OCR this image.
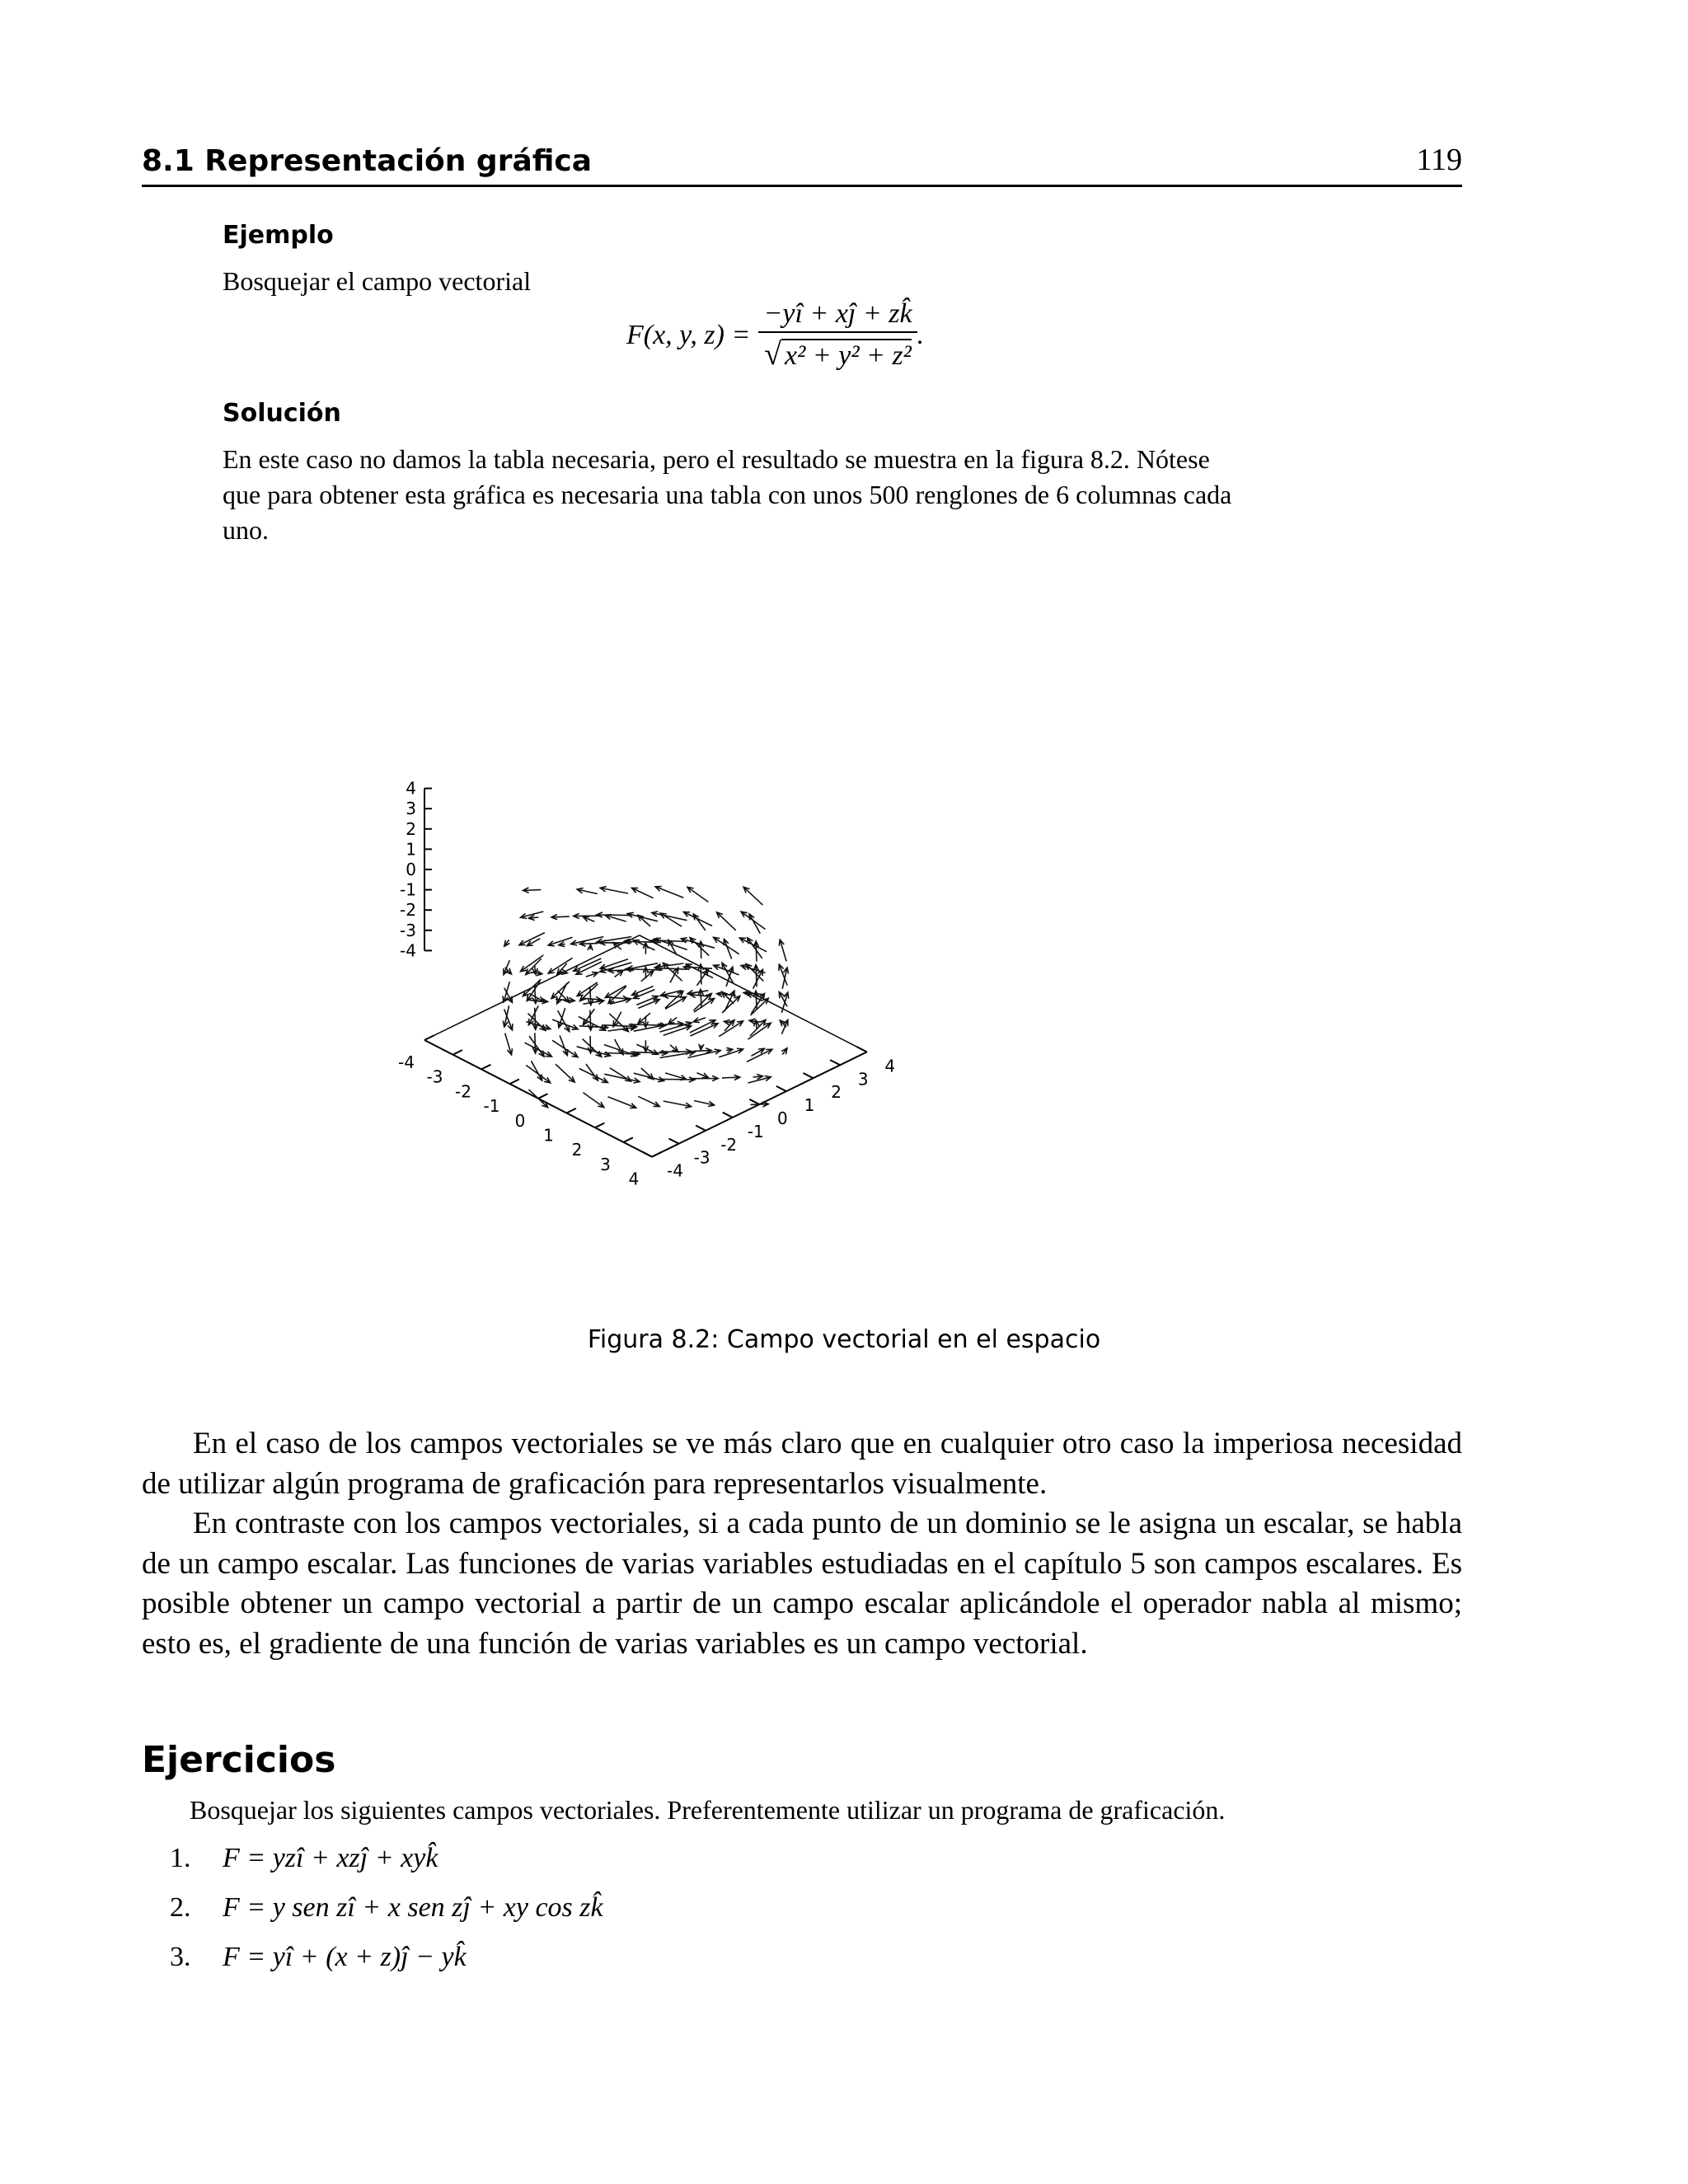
8.1 Representación gráfica	119
Ejemplo
Bosquejar el campo vectorial
F(x, y, $z) = \frac{-yî + xĵ + zk̂}{\text{√ x² + y² + z²}}$ .
Solución
En este caso no damos la tabla necesaria, pero el resultado se muestra en la figura 8.2. Nótese
que para obtener esta gráfica es necesaria una tabla con unos 500 renglones de 6 columnas cada
uno.
4
3
2
1
0
-1
-2
-3
-4
-4
-3
-2
-1
0
1
2
3
4 -4
-3
-2
-1
0
1
2
3
4
Figura 8.2: Campo vectorial en el espacio
En el caso de los campos vectoriales se ve más claro que en cualquier otro caso la imperiosa necesidad de utilizar algún programa de graficación para representarlos visualmente.
En contraste con los campos vectoriales, si a cada punto de un dominio se le asigna un escalar, se habla de un campo escalar. Las funciones de varias variables estudiadas en el capítulo 5 son campos escalares. Es posible obtener un campo vectorial a partir de un campo escalar aplicándole el operador nabla al mismo; esto es, el gradiente de una función de varias variables es un campo vectorial.
Ejercicios
Bosquejar los siguientes campos vectoriales. Preferentemente utilizar un programa de graficación.
1. F = yzî + xzĵ + xyk̂
2. F = y sen zî + x sen zĵ + xy cos zk̂
3. F = yî + (x + z)ĵ − yk̂
